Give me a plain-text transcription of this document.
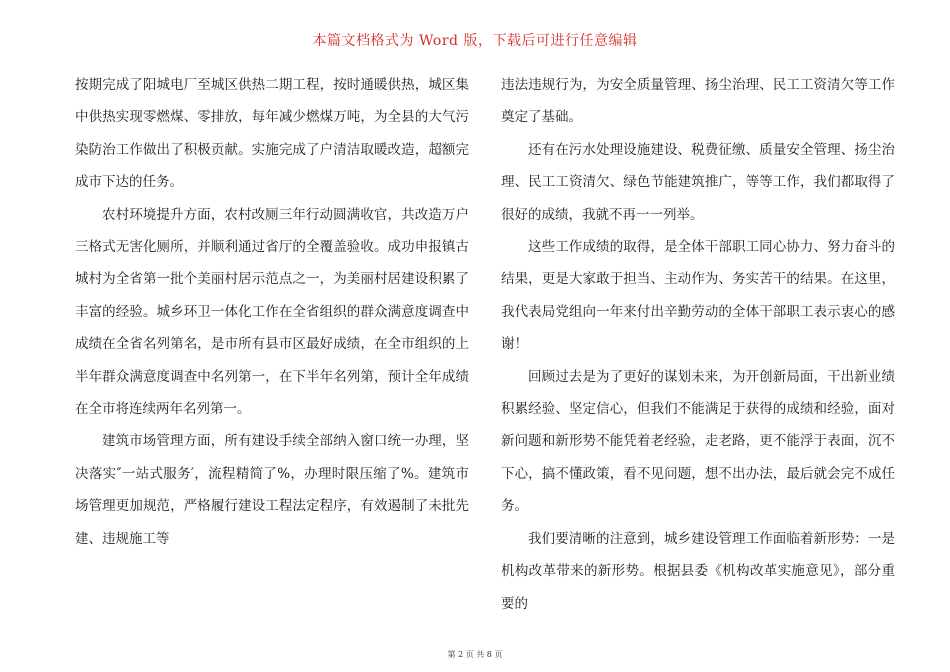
本篇文档格式为 Word 版，下载后可进行任意编辑

按期完成了阳城电厂至城区供热二期工程，按时通暖供热，城区集中供热实现零燃煤、零排放，每年减少燃煤万吨，为全县的大气污染防治工作做出了积极贡献。实施完成了户清洁取暖改造，超额完成市下达的任务。

农村环境提升方面，农村改厕三年行动圆满收官，共改造万户三格式无害化厕所，并顺利通过省厅的全覆盖验收。成功申报镇古城村为全省第一批个美丽村居示范点之一，为美丽村居建设积累了丰富的经验。城乡环卫一体化工作在全省组织的群众满意度调查中成绩在全省名列第名，是市所有县市区最好成绩，在全市组织的上半年群众满意度调查中名列第一，在下半年名列第，预计全年成绩在全市将连续两年名列第一。

建筑市场管理方面，所有建设手续全部纳入窗口统一办理，坚决落实″一站式服务′，流程精简了%，办理时限压缩了%。建筑市场管理更加规范，严格履行建设工程法定程序，有效遏制了未批先建、违规施工等

违法违规行为，为安全质量管理、扬尘治理、民工工资清欠等工作奠定了基础。

还有在污水处理设施建设、税费征缴、质量安全管理、扬尘治理、民工工资清欠、绿色节能建筑推广，等等工作，我们都取得了很好的成绩，我就不再一一列举。

这些工作成绩的取得，是全体干部职工同心协力、努力奋斗的结果，更是大家敢于担当、主动作为、务实苦干的结果。在这里，我代表局党组向一年来付出辛勤劳动的全体干部职工表示衷心的感谢！

回顾过去是为了更好的谋划未来，为开创新局面，干出新业绩积累经验、坚定信心，但我们不能满足于获得的成绩和经验，面对新问题和新形势不能凭着老经验，走老路，更不能浮于表面，沉不下心，搞不懂政策，看不见问题，想不出办法，最后就会完不成任务。

我们要清晰的注意到，城乡建设管理工作面临着新形势：一是机构改革带来的新形势。根据县委《机构改革实施意见》，部分重要的

第 2 页 共 8 页
